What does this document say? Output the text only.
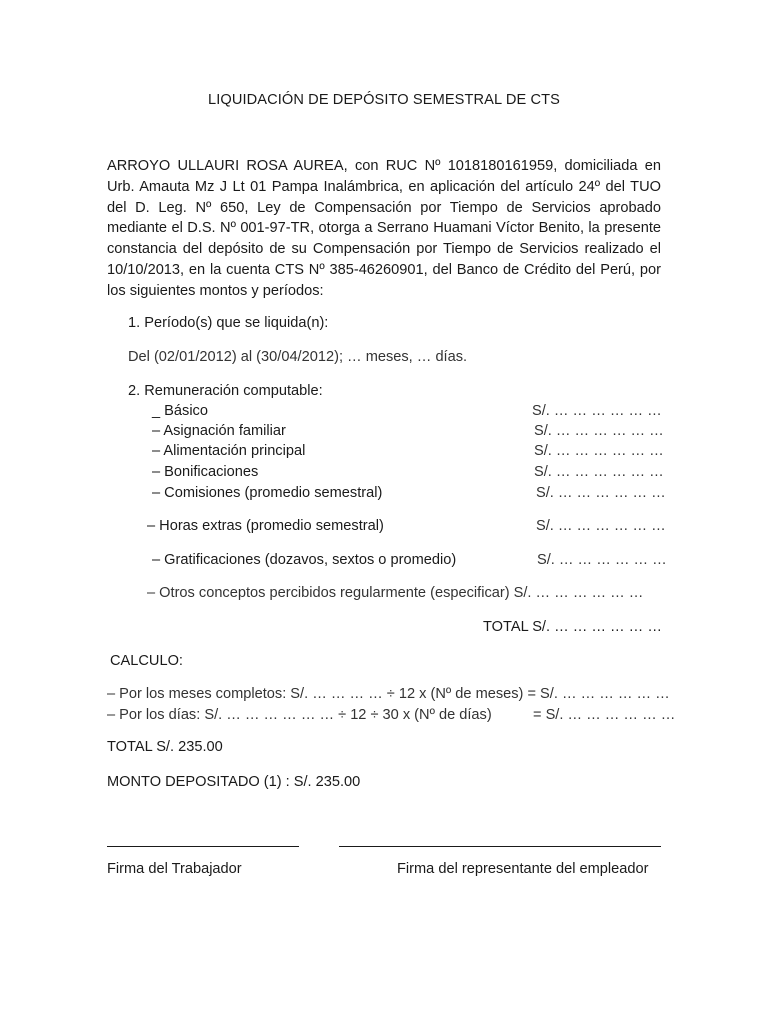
LIQUIDACIÓN DE DEPÓSITO SEMESTRAL DE CTS
ARROYO ULLAURI ROSA AUREA, con RUC Nº 1018180161959, domiciliada en Urb. Amauta Mz J Lt 01 Pampa Inalámbrica, en aplicación del artículo 24º del TUO del D. Leg. Nº 650, Ley de Compensación por Tiempo de Servicios aprobado mediante el D.S. Nº 001-97-TR, otorga a Serrano Huamani Víctor Benito, la presente constancia del depósito de su Compensación por Tiempo de Servicios realizado el 10/10/2013, en la cuenta CTS Nº 385-46260901, del Banco de Crédito del Perú, por los siguientes montos y períodos:
1. Período(s) que se liquida(n):
Del (02/01/2012) al (30/04/2012); … meses, … días.
2. Remuneración computable:
_ Básico	S/. … … … … … …
– Asignación familiar	S/. … … … … … …
– Alimentación principal	S/. … … … … … …
– Bonificaciones	S/. … … … … … …
– Comisiones (promedio semestral)	S/. … … … … … …
– Horas extras (promedio semestral)	S/. … … … … … …
– Gratificaciones (dozavos, sextos o promedio)	S/. … … … … … …
– Otros conceptos percibidos regularmente (especificar) S/. … … … … … …
TOTAL S/. … … … … … …
CALCULO:
– Por los meses completos: S/. … … … … ÷ 12 x (Nº de meses) = S/. … … … … … …
– Por los días: S/. … … … … … … ÷ 12 ÷ 30 x (Nº de días)	= S/. … … … … … …
TOTAL S/. 235.00
MONTO DEPOSITADO (1) : S/. 235.00
Firma del Trabajador	Firma del representante del empleador
